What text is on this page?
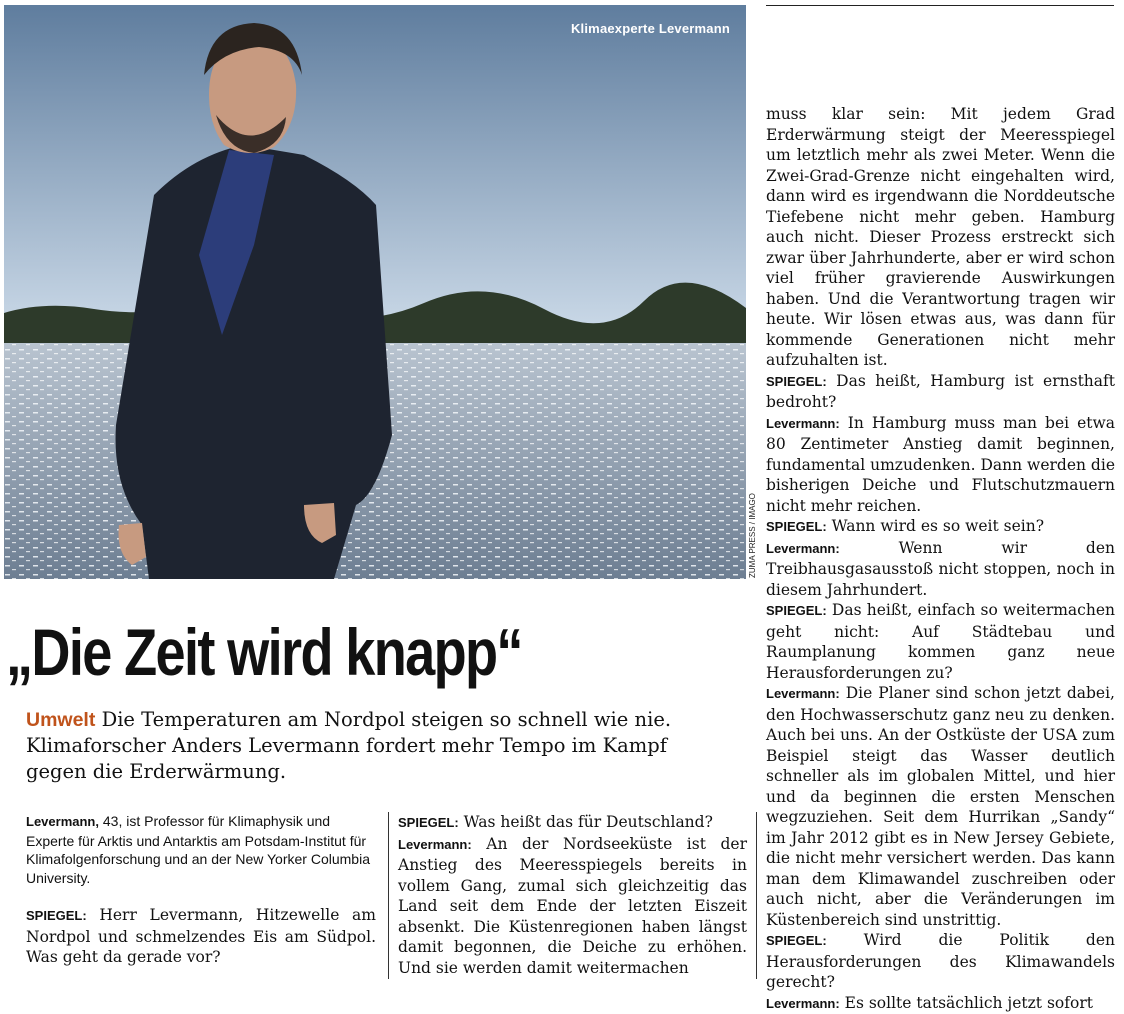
Klimaexperte Levermann
ZUMA PRESS / IMAGO
„Die Zeit wird knapp“
Umwelt Die Temperaturen am Nordpol steigen so schnell wie nie. Klimaforscher Anders Levermann fordert mehr Tempo im Kampf gegen die Erderwärmung.

Levermann, 43, ist Professor für Klimaphysik und Experte für Arktis und Antarktis am Potsdam-Institut für Klimafolgenforschung und an der New Yorker Columbia University.

SPIEGEL: Herr Levermann, Hitzewelle am Nordpol und schmelzendes Eis am Südpol. Was geht da gerade vor?

SPIEGEL: Was heißt das für Deutschland?

Levermann: An der Nordseeküste ist der Anstieg des Meeresspiegels bereits in vollem Gang, zumal sich gleichzeitig das Land seit dem Ende der letzten Eiszeit absenkt. Die Küstenregionen haben längst damit begonnen, die Deiche zu erhöhen. Und sie werden damit weitermachen

muss klar sein: Mit jedem Grad Erderwärmung steigt der Meeresspiegel um letztlich mehr als zwei Meter. Wenn die Zwei-Grad-Grenze nicht eingehalten wird, dann wird es irgendwann die Norddeutsche Tiefebene nicht mehr geben. Hamburg auch nicht. Dieser Prozess erstreckt sich zwar über Jahrhunderte, aber er wird schon viel früher gravierende Auswirkungen haben. Und die Verantwortung tragen wir heute. Wir lösen etwas aus, was dann für kommende Generationen nicht mehr aufzuhalten ist.

SPIEGEL: Das heißt, Hamburg ist ernsthaft bedroht?

Levermann: In Hamburg muss man bei etwa 80 Zentimeter Anstieg damit beginnen, fundamental umzudenken. Dann werden die bisherigen Deiche und Flutschutzmauern nicht mehr reichen.

SPIEGEL: Wann wird es so weit sein?

Levermann:	Wenn wir den Treibhausgasausstoß nicht stoppen, noch in diesem Jahrhundert.

SPIEGEL: Das heißt, einfach so weitermachen geht nicht: Auf Städtebau und Raumplanung kommen ganz neue Herausforderungen zu?

Levermann: Die Planer sind schon jetzt dabei, den Hochwasserschutz ganz neu zu denken. Auch bei uns. An der Ostküste der USA zum Beispiel steigt das Wasser deutlich schneller als im globalen Mittel, und hier und da beginnen die ersten Menschen wegzuziehen. Seit dem Hurrikan „Sandy“ im Jahr 2012 gibt es in New Jersey Gebiete, die nicht mehr versichert werden. Das kann man dem Klimawandel zuschreiben oder auch nicht, aber die Veränderungen im Küstenbereich sind unstrittig.

SPIEGEL: Wird die Politik den Herausforderungen des Klimawandels gerecht?

Levermann: Es sollte tatsächlich jetzt sofort
